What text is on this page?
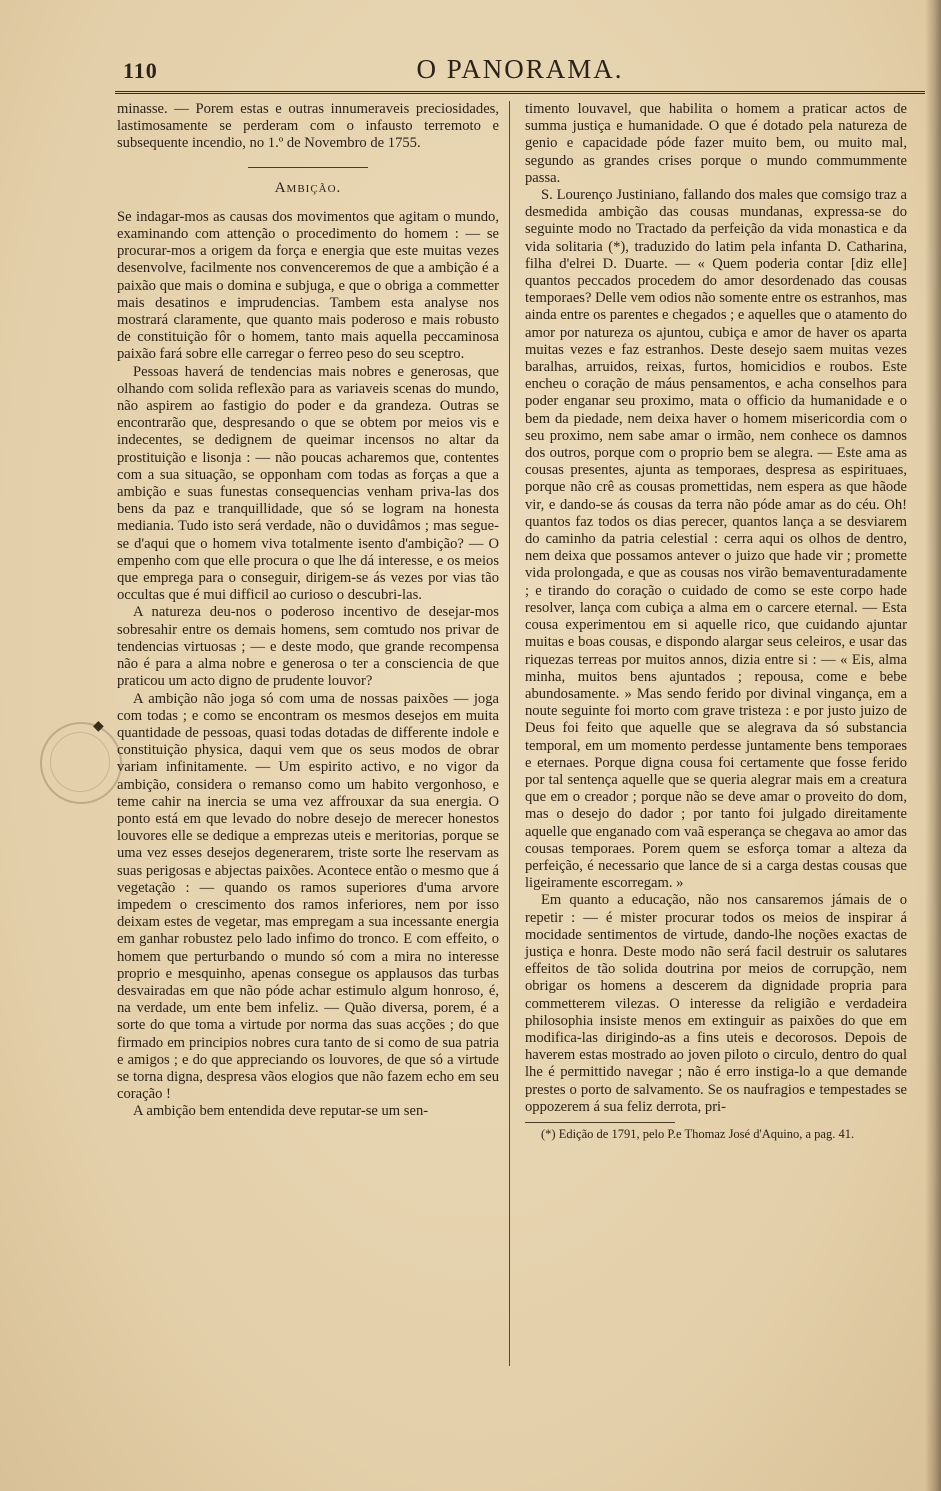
◆
110	O PANORAMA.

minasse. — Porem estas e outras innumeraveis preciosidades, lastimosamente se perderam com o infausto terremoto e subsequente incendio, no 1.º de Novembro de 1755.

Ambição.

Se indagar-mos as causas dos movimentos que agitam o mundo, examinando com attenção o procedimento do homem : — se procurar-mos a origem da força e energia que este muitas vezes desenvolve, facilmente nos convenceremos de que a ambição é a paixão que mais o domina e subjuga, e que o obriga a commetter mais desatinos e imprudencias. Tambem esta analyse nos mostrará claramente, que quanto mais poderoso e mais robusto de constituição fôr o homem, tanto mais aquella peccaminosa paixão fará sobre elle carregar o ferreo peso do seu sceptro.

Pessoas haverá de tendencias mais nobres e generosas, que olhando com solida reflexão para as variaveis scenas do mundo, não aspirem ao fastigio do poder e da grandeza. Outras se encontrarão que, despresando o que se obtem por meios vis e indecentes, se dedignem de queimar incensos no altar da prostituição e lisonja : — não poucas acharemos que, contentes com a sua situação, se opponham com todas as forças a que a ambição e suas funestas consequencias venham priva-las dos bens da paz e tranquillidade, que só se logram na honesta mediania. Tudo isto será verdade, não o duvidâmos ; mas segue-se d'aqui que o homem viva totalmente isento d'ambição? — O empenho com que elle procura o que lhe dá interesse, e os meios que emprega para o conseguir, dirigem-se ás vezes por vias tão occultas que é mui difficil ao curioso o descubri-las.

A natureza deu-nos o poderoso incentivo de desejar-mos sobresahir entre os demais homens, sem comtudo nos privar de tendencias virtuosas ; — e deste modo, que grande recompensa não é para a alma nobre e generosa o ter a consciencia de que praticou um acto digno de prudente louvor?

A ambição não joga só com uma de nossas paixões — joga com todas ; e como se encontram os mesmos desejos em muita quantidade de pessoas, quasi todas dotadas de differente indole e constituição physica, daqui vem que os seus modos de obrar variam infinitamente. — Um espirito activo, e no vigor da ambição, considera o remanso como um habito vergonhoso, e teme cahir na inercia se uma vez affrouxar da sua energia. O ponto está em que levado do nobre desejo de merecer honestos louvores elle se dedique a emprezas uteis e meritorias, porque se uma vez esses desejos degenerarem, triste sorte lhe reservam as suas perigosas e abjectas paixões. Acontece então o mesmo que á vegetação : — quando os ramos superiores d'uma arvore impedem o crescimento dos ramos inferiores, nem por isso deixam estes de vegetar, mas empregam a sua incessante energia em ganhar robustez pelo lado infimo do tronco. E com effeito, o homem que perturbando o mundo só com a mira no interesse proprio e mesquinho, apenas consegue os applausos das turbas desvairadas em que não póde achar estimulo algum honroso, é, na verdade, um ente bem infeliz. — Quão diversa, porem, é a sorte do que toma a virtude por norma das suas acções ; do que firmado em principios nobres cura tanto de si como de sua patria e amigos ; e do que appreciando os louvores, de que só a virtude se torna digna, despresa vãos elogios que não fazem echo em seu coração !

A ambição bem entendida deve reputar-se um sen-

timento louvavel, que habilita o homem a praticar actos de summa justiça e humanidade. O que é dotado pela natureza de genio e capacidade póde fazer muito bem, ou muito mal, segundo as grandes crises porque o mundo commummente passa.

S. Lourenço Justiniano, fallando dos males que comsigo traz a desmedida ambição das cousas mundanas, expressa-se do seguinte modo no Tractado da perfeição da vida monastica e da vida solitaria (*), traduzido do latim pela infanta D. Catharina, filha d'elrei D. Duarte. — « Quem poderia contar [diz elle] quantos peccados procedem do amor desordenado das cousas temporaes? Delle vem odios não somente entre os estranhos, mas ainda entre os parentes e chegados ; e aquelles que o atamento do amor por natureza os ajuntou, cubiça e amor de haver os aparta muitas vezes e faz estranhos. Deste desejo saem muitas vezes baralhas, arruidos, reixas, furtos, homicidios e roubos. Este encheu o coração de máus pensamentos, e acha conselhos para poder enganar seu proximo, mata o officio da humanidade e o bem da piedade, nem deixa haver o homem misericordia com o seu proximo, nem sabe amar o irmão, nem conhece os damnos dos outros, porque com o proprio bem se alegra. — Este ama as cousas presentes, ajunta as temporaes, despresa as espirituaes, porque não crê as cousas promettidas, nem espera as que hãode vir, e dando-se ás cousas da terra não póde amar as do céu. Oh! quantos faz todos os dias perecer, quantos lança a se desviarem do caminho da patria celestial : cerra aqui os olhos de dentro, nem deixa que possamos antever o juizo que hade vir ; promette vida prolongada, e que as cousas nos virão bemaventuradamente ; e tirando do coração o cuidado de como se este corpo hade resolver, lança com cubiça a alma em o carcere eternal. — Esta cousa experimentou em si aquelle rico, que cuidando ajuntar muitas e boas cousas, e dispondo alargar seus celeiros, e usar das riquezas terreas por muitos annos, dizia entre si : — « Eis, alma minha, muitos bens ajuntados ; repousa, come e bebe abundosamente. » Mas sendo ferido por divinal vingança, em a noute seguinte foi morto com grave tristeza : e por justo juizo de Deus foi feito que aquelle que se alegrava da só substancia temporal, em um momento perdesse juntamente bens temporaes e eternaes. Porque digna cousa foi certamente que fosse ferido por tal sentença aquelle que se queria alegrar mais em a creatura que em o creador ; porque não se deve amar o proveito do dom, mas o desejo do dador ; por tanto foi julgado direitamente aquelle que enganado com vaã esperança se chegava ao amor das cousas temporaes. Porem quem se esforça tomar a alteza da perfeição, é necessario que lance de si a carga destas cousas que ligeiramente escorregam. »

Em quanto a educação, não nos cansaremos jámais de o repetir : — é mister procurar todos os meios de inspirar á mocidade sentimentos de virtude, dando-lhe noções exactas de justiça e honra. Deste modo não será facil destruir os salutares effeitos de tão solida doutrina por meios de corrupção, nem obrigar os homens a descerem da dignidade propria para commetterem vilezas. O interesse da religião e verdadeira philosophia insiste menos em extinguir as paixões do que em modifica-las dirigindo-as a fins uteis e decorosos. Depois de haverem estas mostrado ao joven piloto o circulo, dentro do qual lhe é permittido navegar ; não é erro instiga-lo a que demande prestes o porto de salvamento. Se os naufragios e tempestades se oppozerem á sua feliz derrota, pri-

(*) Edição de 1791, pelo P.e Thomaz José d'Aquino, a pag. 41.
